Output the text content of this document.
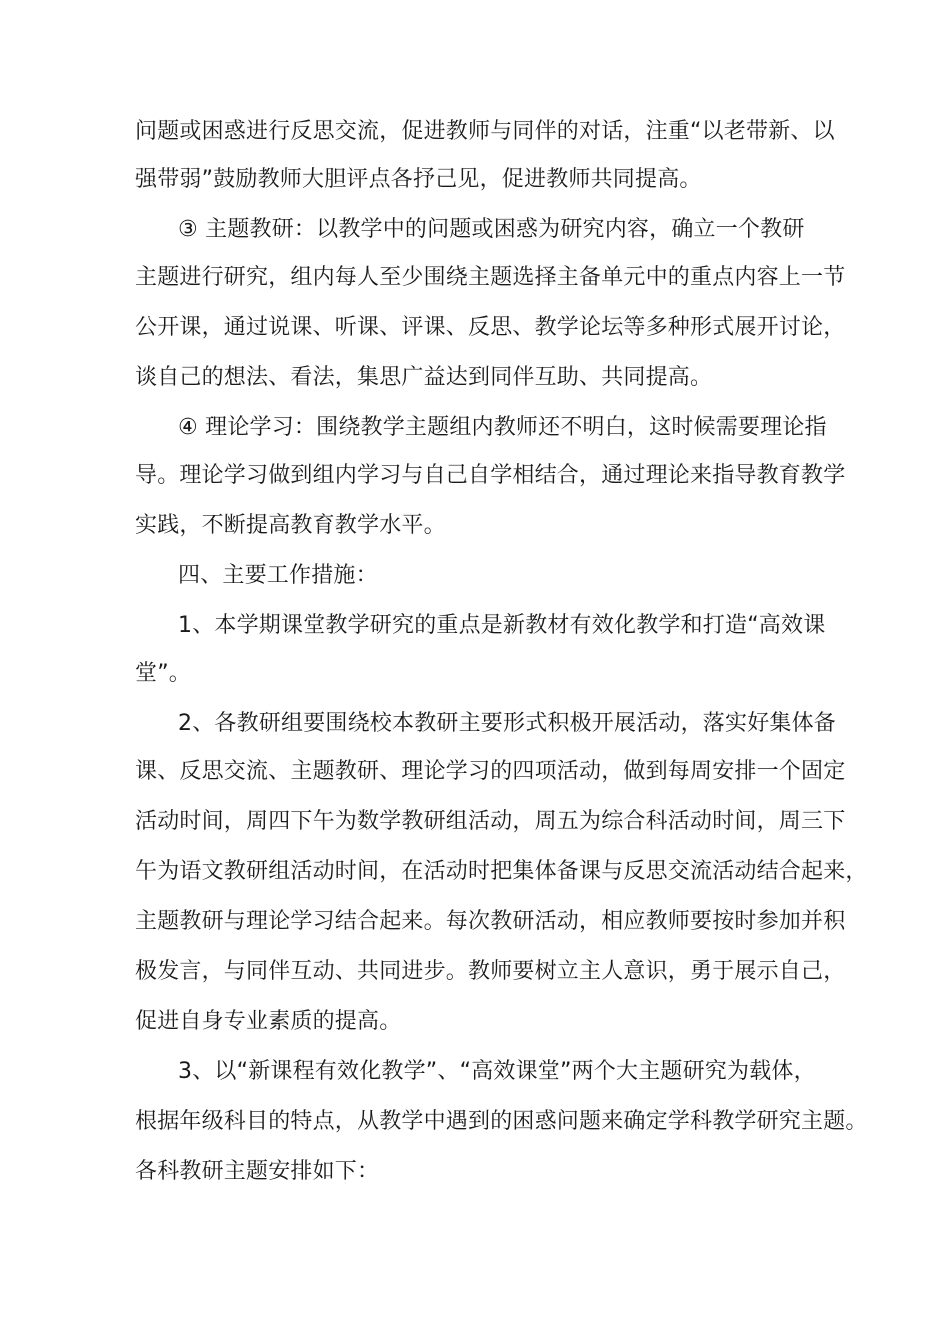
问题或困惑进行反思交流，促进教师与同伴的对话，注重“以老带新、以
强带弱”鼓励教师大胆评点各抒己见，促进教师共同提高。
③ 主题教研：以教学中的问题或困惑为研究内容，确立一个教研
主题进行研究，组内每人至少围绕主题选择主备单元中的重点内容上一节
公开课，通过说课、听课、评课、反思、教学论坛等多种形式展开讨论，
谈自己的想法、看法，集思广益达到同伴互助、共同提高。
④ 理论学习：围绕教学主题组内教师还不明白，这时候需要理论指
导。理论学习做到组内学习与自己自学相结合，通过理论来指导教育教学
实践，不断提高教育教学水平。
四、主要工作措施：
1、本学期课堂教学研究的重点是新教材有效化教学和打造“高效课
堂”。
2、各教研组要围绕校本教研主要形式积极开展活动，落实好集体备
课、反思交流、主题教研、理论学习的四项活动，做到每周安排一个固定
活动时间，周四下午为数学教研组活动，周五为综合科活动时间，周三下
午为语文教研组活动时间，在活动时把集体备课与反思交流活动结合起来，
主题教研与理论学习结合起来。每次教研活动，相应教师要按时参加并积
极发言，与同伴互动、共同进步。教师要树立主人意识，勇于展示自己，
促进自身专业素质的提高。
3、以“新课程有效化教学”、“高效课堂”两个大主题研究为载体，
根据年级科目的特点，从教学中遇到的困惑问题来确定学科教学研究主题。
各科教研主题安排如下：
